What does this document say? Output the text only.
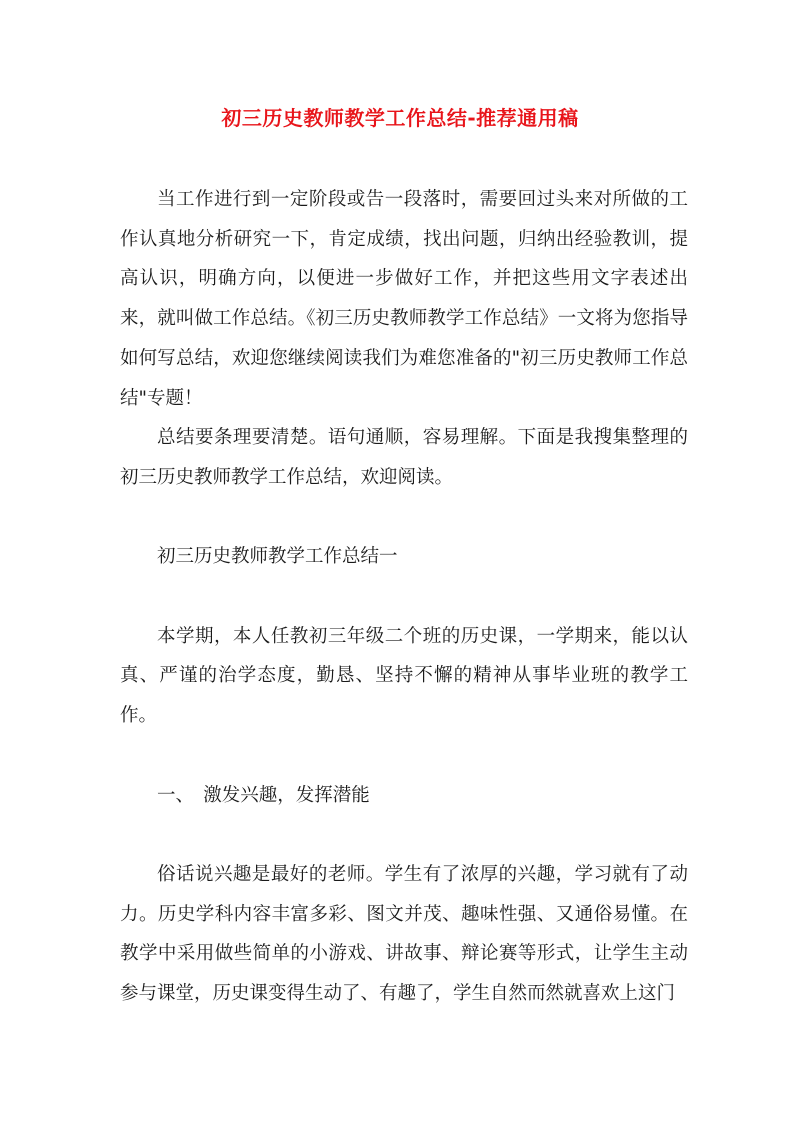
初三历史教师教学工作总结-推荐通用稿

当工作进行到一定阶段或告一段落时，需要回过头来对所做的工作认真地分析研究一下，肯定成绩，找出问题，归纳出经验教训，提高认识，明确方向，以便进一步做好工作，并把这些用文字表述出来，就叫做工作总结。《初三历史教师教学工作总结》一文将为您指导如何写总结，欢迎您继续阅读我们为难您准备的"初三历史教师工作总结"专题！

总结要条理要清楚。语句通顺，容易理解。下面是我搜集整理的初三历史教师教学工作总结，欢迎阅读。

初三历史教师教学工作总结一

本学期，本人任教初三年级二个班的历史课，一学期来，能以认真、严谨的治学态度，勤恳、坚持不懈的精神从事毕业班的教学工作。

一、　激发兴趣，发挥潜能

俗话说兴趣是最好的老师。学生有了浓厚的兴趣，学习就有了动力。历史学科内容丰富多彩、图文并茂、趣味性强、又通俗易懂。在教学中采用做些简单的小游戏、讲故事、辩论赛等形式，让学生主动参与课堂，历史课变得生动了、有趣了，学生自然而然就喜欢上这门
